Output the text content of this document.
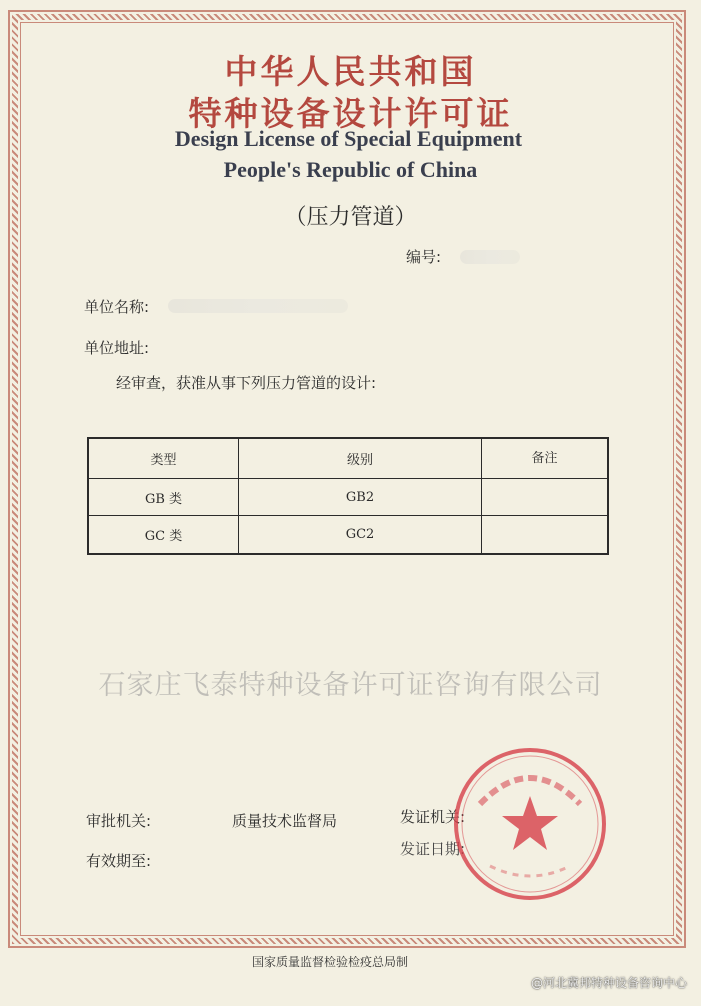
中华人民共和国
特种设备设计许可证
Design License of Special Equipment
People's Republic of China
（压力管道）
编号:
单位名称:
单位地址:
经审查，获准从事下列压力管道的设计:
类型	级别	备注
GB 类	GB2
GC 类	GC2
石家庄飞泰特种设备许可证咨询有限公司
审批机关:	质量技术监督局	发证机关:
发证日期:
有效期至:
国家质量监督检验检疫总局制
@河北冀邦特种设备咨询中心
